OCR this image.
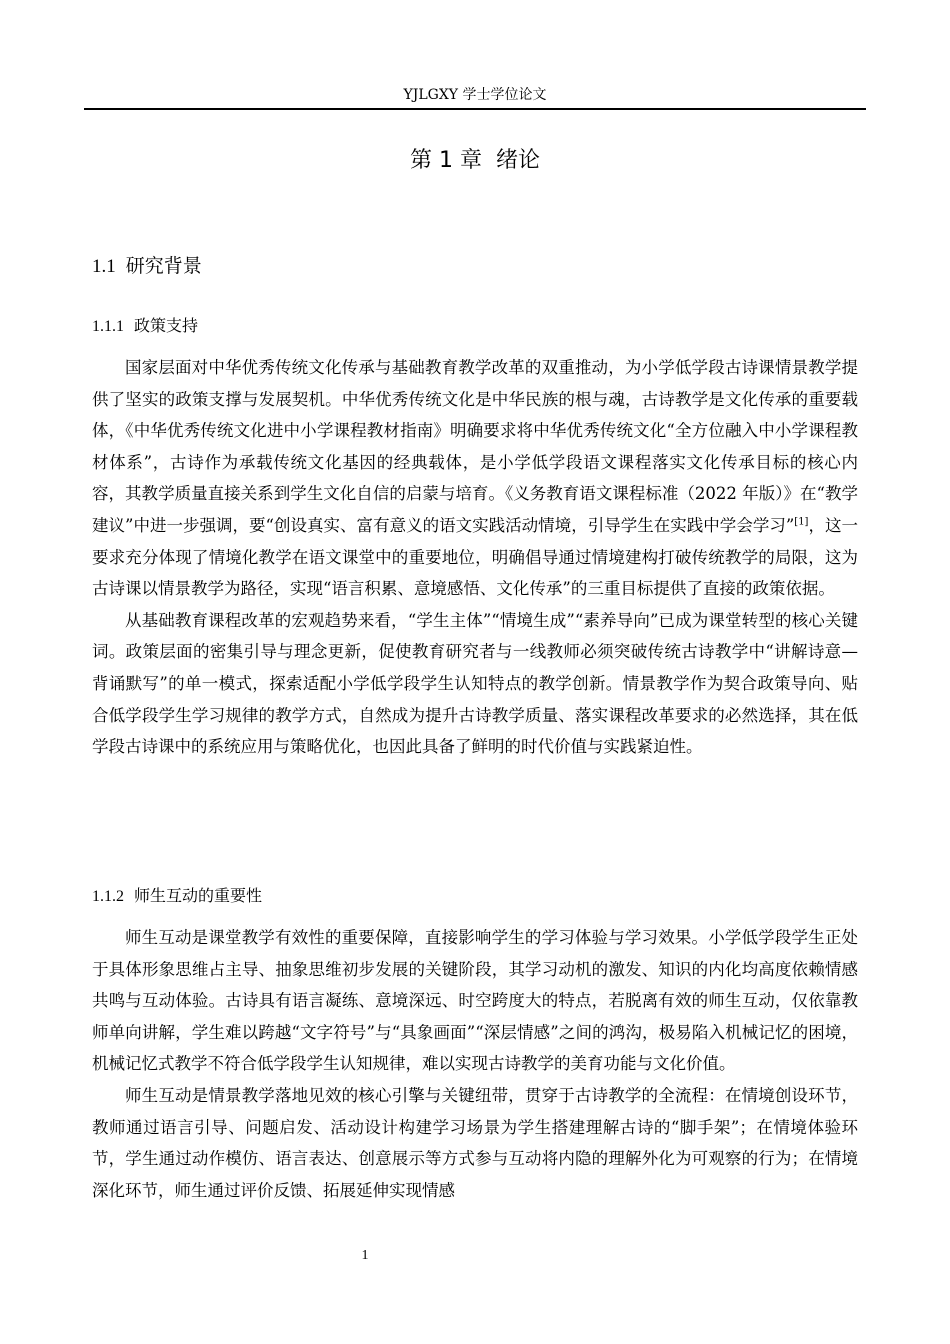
YJLGXY 学士学位论文
第 1 章 绪论
1.1 研究背景
1.1.1 政策支持

国家层面对中华优秀传统文化传承与基础教育教学改革的双重推动，为小学低学段古诗课情景教学提供了坚实的政策支撑与发展契机。中华优秀传统文化是中华民族的根与魂，古诗教学是文化传承的重要载体，《中华优秀传统文化进中小学课程教材指南》明确要求将中华优秀传统文化“全方位融入中小学课程教材体系”，古诗作为承载传统文化基因的经典载体，是小学低学段语文课程落实文化传承目标的核心内容，其教学质量直接关系到学生文化自信的启蒙与培育。《义务教育语文课程标准（2022 年版）》在“教学建议”中进一步强调，要“创设真实、富有意义的语文实践活动情境，引导学生在实践中学会学习”[1]，这一要求充分体现了情境化教学在语文课堂中的重要地位，明确倡导通过情境建构打破传统教学的局限，这为古诗课以情景教学为路径，实现“语言积累、意境感悟、文化传承”的三重目标提供了直接的政策依据。

从基础教育课程改革的宏观趋势来看，“学生主体”“情境生成”“素养导向”已成为课堂转型的核心关键词。政策层面的密集引导与理念更新，促使教育研究者与一线教师必须突破传统古诗教学中“讲解诗意—背诵默写”的单一模式，探索适配小学低学段学生认知特点的教学创新。情景教学作为契合政策导向、贴合低学段学生学习规律的教学方式，自然成为提升古诗教学质量、落实课程改革要求的必然选择，其在低学段古诗课中的系统应用与策略优化，也因此具备了鲜明的时代价值与实践紧迫性。

1.1.2 师生互动的重要性

师生互动是课堂教学有效性的重要保障，直接影响学生的学习体验与学习效果。小学低学段学生正处于具体形象思维占主导、抽象思维初步发展的关键阶段，其学习动机的激发、知识的内化均高度依赖情感共鸣与互动体验。古诗具有语言凝练、意境深远、时空跨度大的特点，若脱离有效的师生互动，仅依靠教师单向讲解，学生难以跨越“文字符号”与“具象画面”“深层情感”之间的鸿沟，极易陷入机械记忆的困境，机械记忆式教学不符合低学段学生认知规律，难以实现古诗教学的美育功能与文化价值。

师生互动是情景教学落地见效的核心引擎与关键纽带，贯穿于古诗教学的全流程：在情境创设环节，教师通过语言引导、问题启发、活动设计构建学习场景为学生搭建理解古诗的“脚手架”；在情境体验环节，学生通过动作模仿、语言表达、创意展示等方式参与互动将内隐的理解外化为可观察的行为；在情境深化环节，师生通过评价反馈、拓展延伸实现情感

1
